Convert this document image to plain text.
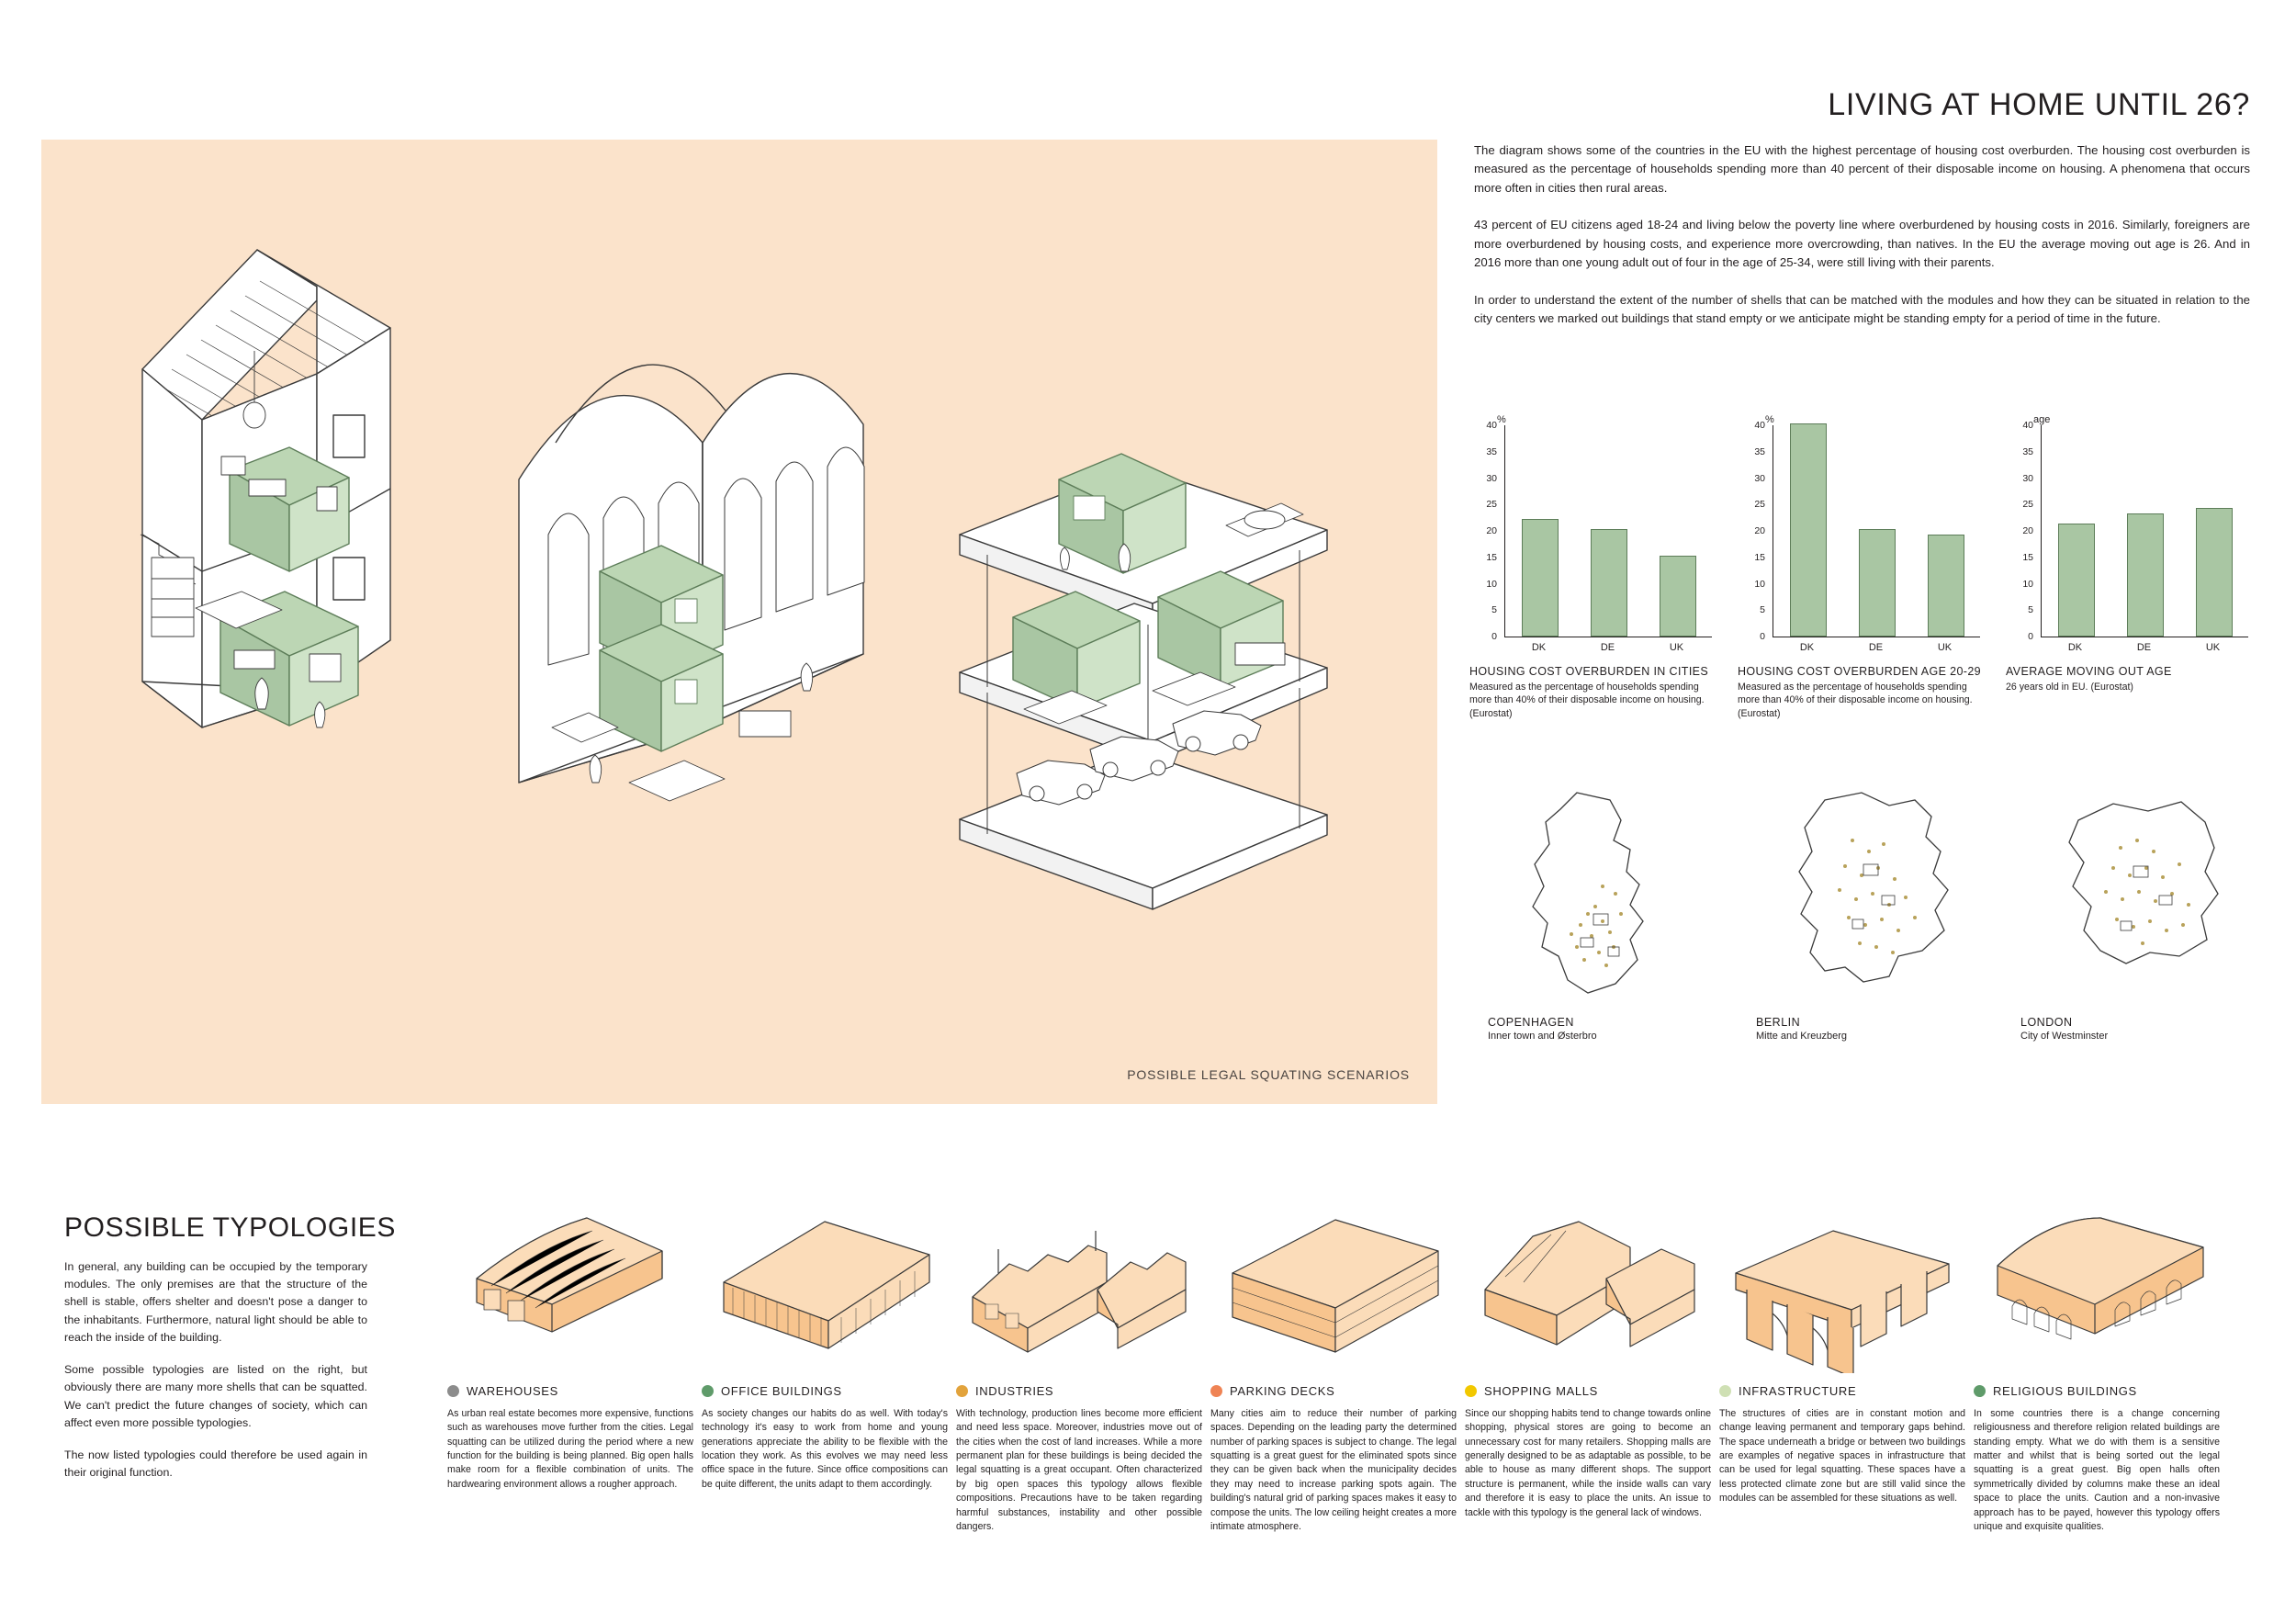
POSSIBLE LEGAL SQUATING SCENARIOS
LIVING AT HOME UNTIL 26?
The diagram shows some of the countries in the EU with the highest percentage of housing cost overburden. The housing cost overburden is measured as the percentage of households spending more than 40 percent of their disposable income on housing. A phenomena that occurs more often in cities then rural areas.
43 percent of EU citizens aged 18-24 and living below the poverty line where overburdened by housing costs in 2016. Similarly, foreigners are more overburdened by housing costs, and experience more overcrowding, than natives. In the EU the average moving out age is 26. And in 2016 more than one young adult out of four in the age of 25-34, were still living with their parents.
In order to understand the extent of the number of shells that can be matched with the modules and how they can be situated in relation to the city centers we marked out buildings that stand empty or we anticipate might be standing empty for a period of time in the future.
%
40
35
30
25
20
15
10
5
0
DK	DE	UK
HOUSING COST OVERBURDEN IN CITIES
Measured as the percentage of households spending more than 40% of their disposable income on housing. (Eurostat)
%
40
35
30
25
20
15
10
5
0
DK	DE	UK
HOUSING COST OVERBURDEN AGE 20-29
Measured as the percentage of households spending more than 40% of their disposable income on housing. (Eurostat)
age
40
35
30
25
20
15
10
5
0
DK	DE	UK
AVERAGE MOVING OUT AGE
26 years old in EU. (Eurostat)
COPENHAGEN
Inner town and Østerbro
BERLIN
Mitte and Kreuzberg
LONDON
City of Westminster
POSSIBLE TYPOLOGIES

In general, any building can be occupied by the temporary modules. The only premises are that the structure of the shell is stable, offers shelter and doesn't pose a danger to the inhabitants. Furthermore, natural light should be able to reach the inside of the building.

Some possible typologies are listed on the right, but obviously there are many more shells that can be squatted. We can't predict the future changes of society, which can affect even more possible typologies.

The now listed typologies could therefore be used again in their original function.

WAREHOUSES
As urban real estate becomes more expensive, functions such as warehouses move further from the cities. Legal squatting can be utilized during the period where a new function for the building is being planned. Big open halls make room for a flexible combination of units. The hardwearing environment allows a rougher approach.
OFFICE BUILDINGS
As society changes our habits do as well. With today's technology it's easy to work from home and young generations appreciate the ability to be flexible with the location they work. As this evolves we may need less office space in the future. Since office compositions can be quite different, the units adapt to them accordingly.
INDUSTRIES
With technology, production lines become more efficient and need less space. Moreover, industries move out of the cities when the cost of land increases. While a more permanent plan for these buildings is being decided the legal squatting is a great occupant. Often characterized by big open spaces this typology allows flexible compositions. Precautions have to be taken regarding harmful substances, instability and other possible dangers.
PARKING DECKS
Many cities aim to reduce their number of parking spaces. Depending on the leading party the determined number of parking spaces is subject to change. The legal squatting is a great guest for the eliminated spots since they can be given back when the municipality decides they may need to increase parking spots again. The building's natural grid of parking spaces makes it easy to compose the units. The low ceiling height creates a more intimate atmosphere.
SHOPPING MALLS
Since our shopping habits tend to change towards online shopping, physical stores are going to become an unnecessary cost for many retailers. Shopping malls are generally designed to be as adaptable as possible, to be able to house as many different shops. The support structure is permanent, while the inside walls can vary and therefore it is easy to place the units. An issue to tackle with this typology is the general lack of windows.
INFRASTRUCTURE
The structures of cities are in constant motion and change leaving permanent and temporary gaps behind. The space underneath a bridge or between two buildings are examples of negative spaces in infrastructure that can be used for legal squatting. These spaces have a less protected climate zone but are still valid since the modules can be assembled for these situations as well.
RELIGIOUS BUILDINGS
In some countries there is a change concerning religiousness and therefore religion related buildings are standing empty. What we do with them is a sensitive matter and whilst that is being sorted out the legal squatting is a great guest. Big open halls often symmetrically divided by columns make these an ideal space to place the units. Caution and a non-invasive approach has to be payed, however this typology offers unique and exquisite qualities.
